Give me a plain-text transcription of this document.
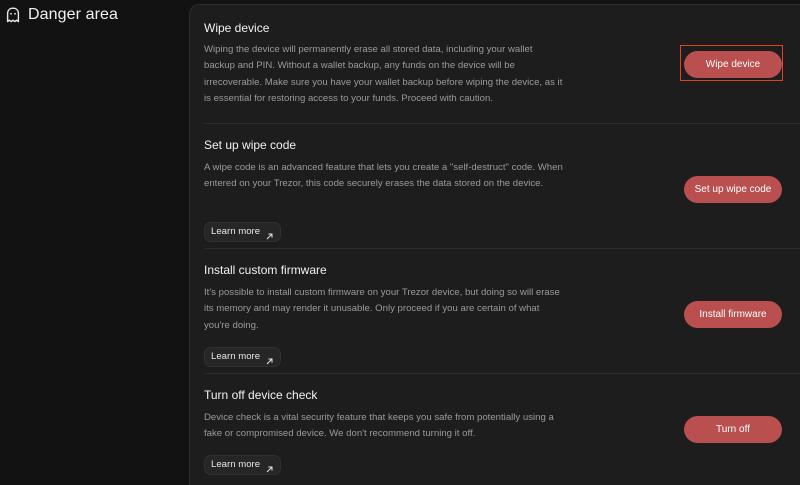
Danger area
Wipe device
Wiping the device will permanently erase all stored data, including your wallet backup and PIN. Without a wallet backup, any funds on the device will be irrecoverable. Make sure you have your wallet backup before wiping the device, as it is essential for restoring access to your funds. Proceed with caution.
Wipe device
Set up wipe code
A wipe code is an advanced feature that lets you create a "self-destruct" code. When entered on your Trezor, this code securely erases the data stored on the device.
Learn more
Set up wipe code
Install custom firmware
It's possible to install custom firmware on your Trezor device, but doing so will erase its memory and may render it unusable. Only proceed if you are certain of what you're doing.
Learn more
Install firmware
Turn off device check
Device check is a vital security feature that keeps you safe from potentially using a fake or compromised device. We don't recommend turning it off.
Learn more
Turn off
